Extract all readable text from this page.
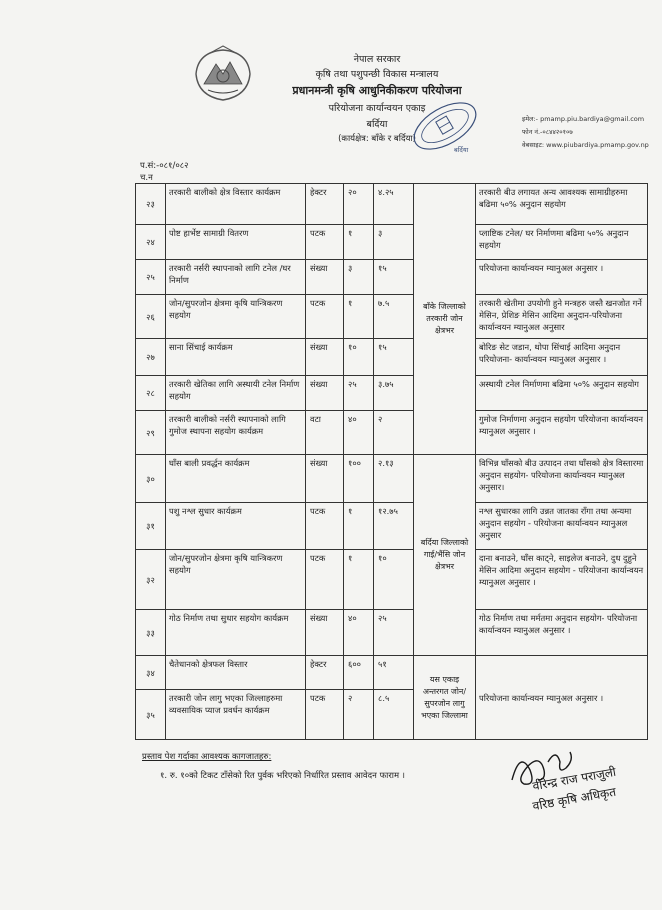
नेपाल सरकार
कृषि तथा पशुपन्छी विकास मन्त्रालय
प्रधानमन्त्री कृषि आधुनिकीकरण परियोजना
परियोजना कार्यान्वयन एकाइ
बर्दिया
(कार्यक्षेत्र: बाँके र बर्दिया)
बर्दिया
इमेल:- pmamp.piu.bardiya@gmail.com
फोन नं.-०८४४२०१०७
वेबसाइट: www.piubardiya.pmamp.gov.np
प.सं:-०८१/०८२
च.न
२३	तरकारी बालीको क्षेत्र विस्तार कार्यक्रम	हेक्टर	२०	४.२५	बाँके जिल्लाको तरकारी जोन क्षेत्रभर	तरकारी बीउ लगायत अन्य आवश्यक सामाग्रीहरुमा बढिमा ५०% अनुदान सहयोग
२४	पोष्ट हार्भेष्ट सामाग्री वितरण	पटक	१	३		प्लाष्टिक टनेल/ घर निर्माणमा बढिमा ५०% अनुदान सहयोग
२५	तरकारी नर्सरी स्थापनाको लागि टनेल /घर निर्माण	संख्या	३	१५		परियोजना कार्यान्वयन म्यानुअल अनुसार ।
२६	जोन/सुपरजोन क्षेत्रमा कृषि यान्त्रिकरण सहयोग	पटक	१	७.५		तरकारी खेतीमा उपयोगी हुने मन्त्रहरु जस्तै खनजोत गर्ने मेसिन, प्रेशिङ मेसिन आदिमा अनुदान-परियोजना कार्यान्वयन म्यानुअल अनुसार
२७	साना सिंचाई कार्यक्रम	संख्या	१०	१५		बोरिङ सेट जडान, थोपा सिंचाई आदिमा अनुदान परियोजना- कार्यान्वयन म्यानुअल अनुसार ।
२८	तरकारी खेतिका लागि अस्थायी टनेल निर्माण सहयोग	संख्या	२५	३.७५		अस्थायी टनेल निर्माणमा बढिमा ५०% अनुदान सहयोग
२९	तरकारी बालीको नर्सरी स्थापनाको लागि गुमोज स्थापना सहयोग कार्यक्रम	वटा	४०	२		गुमोज निर्माणमा अनुदान सहयोग परियोजना कार्यान्वयन म्यानुअल अनुसार ।
३०	घाँस बाली प्रवर्द्धन कार्यक्रम	संख्या	१००	२.१३	बर्दिया जिल्लाको गाई/भैंसि जोन क्षेत्रभर	विभिन्न घाँसको बीउ उत्पादन तथा घाँसको क्षेत्र विस्तारमा अनुदान सहयोग- परियोजना कार्यान्वयन म्यानुअल अनुसार।
३१	पशु नश्ल सुधार कार्यक्रम	पटक	१	१२.७५		नश्ल सुधारका लागि उन्नत जातका राँगा तथा अन्यमा अनुदान सहयोग - परियोजना कार्यान्वयन म्यानुअल अनुसार
३२	जोन/सुपरजोन क्षेत्रमा कृषि यान्त्रिकरण सहयोग	पटक	१	१०		दाना बनाउने, घाँस काट्ने, साइलेज बनाउने, दुध दुहुने मेसिन आदिमा अनुदान सहयोग - परियोजना कार्यान्वयन म्यानुअल अनुसार ।
३३	गोठ निर्माण तथा सुधार सहयोग कार्यक्रम	संख्या	४०	२५		गोठ निर्माण तथा मर्मतमा अनुदान सहयोग- परियोजना कार्यान्वयन म्यानुअल अनुसार ।
३४	चैतेधानको क्षेत्रफल विस्तार	हेक्टर	६००	५१	यस एकाइ अन्तरगत जोन/सुपरजोन लागु भएका जिल्लामा	परियोजना कार्यान्वयन म्यानुअल अनुसार ।
३५	तरकारी जोन लागु भएका जिल्लाहरुमा व्यवसायिक प्याज प्रवर्धन कार्यक्रम	पटक	२	८.५		
प्रस्ताव पेश गर्दाका आवश्यक कागजातहरु:
१. रु. १०को टिकट टाँसेको रित पुर्वक भरिएको निर्धारित प्रस्ताव आवेदन फाराम ।	वीरेन्द्र राज पराजुली
वरिष्ठ कृषि अधिकृत
